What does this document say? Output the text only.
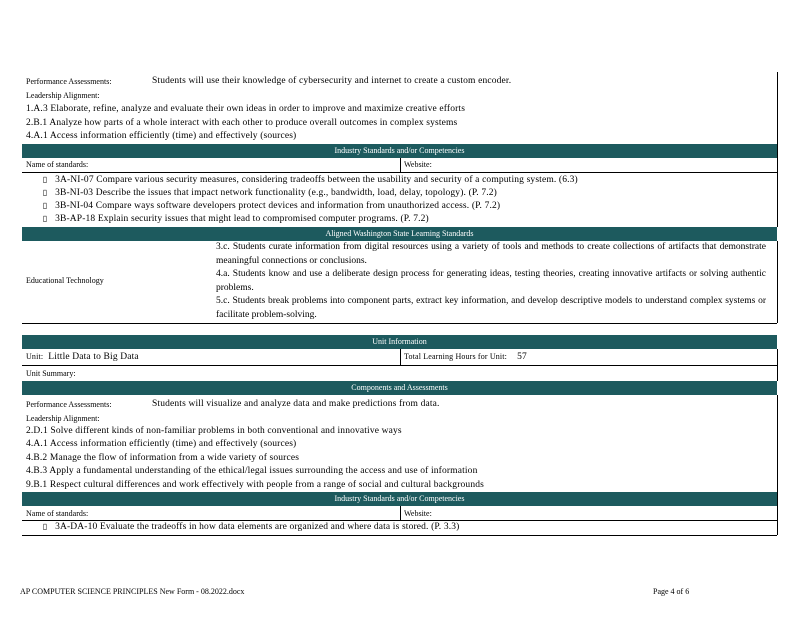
Performance Assessments:	Students will use their knowledge of cybersecurity and internet to create a custom encoder.
Leadership Alignment:
1.A.3 Elaborate, refine, analyze and evaluate their own ideas in order to improve and maximize creative efforts
2.B.1 Analyze how parts of a whole interact with each other to produce overall outcomes in complex systems
4.A.1 Access information efficiently (time) and effectively (sources)
Industry Standards and/or Competencies
Name of standards:	Website:
▯ 3A-NI-07 Compare various security measures, considering tradeoffs between the usability and security of a computing system. (6.3)
▯ 3B-NI-03 Describe the issues that impact network functionality (e.g., bandwidth, load, delay, topology). (P. 7.2)
▯ 3B-NI-04 Compare ways software developers protect devices and information from unauthorized access. (P. 7.2)
▯ 3B-AP-18 Explain security issues that might lead to compromised computer programs. (P. 7.2)
Aligned Washington State Learning Standards
Educational Technology

3.c. Students curate information from digital resources using a variety of tools and methods to create collections of artifacts that demonstrate meaningful connections or conclusions.

4.a. Students know and use a deliberate design process for generating ideas, testing theories, creating innovative artifacts or solving authentic problems.

5.c. Students break problems into component parts, extract key information, and develop descriptive models to understand complex systems or facilitate problem-solving.

Unit Information
Unit: Little Data to Big Data	Total Learning Hours for Unit: 57
Unit Summary:
Components and Assessments
Performance Assessments:	Students will visualize and analyze data and make predictions from data.
Leadership Alignment:
2.D.1 Solve different kinds of non-familiar problems in both conventional and innovative ways
4.A.1 Access information efficiently (time) and effectively (sources)
4.B.2 Manage the flow of information from a wide variety of sources
4.B.3 Apply a fundamental understanding of the ethical/legal issues surrounding the access and use of information
9.B.1 Respect cultural differences and work effectively with people from a range of social and cultural backgrounds
Industry Standards and/or Competencies
Name of standards:	Website:
▯ 3A-DA-10 Evaluate the tradeoffs in how data elements are organized and where data is stored. (P. 3.3)
AP COMPUTER SCIENCE PRINCIPLES New Form - 08.2022.docx	Page 4 of 6
